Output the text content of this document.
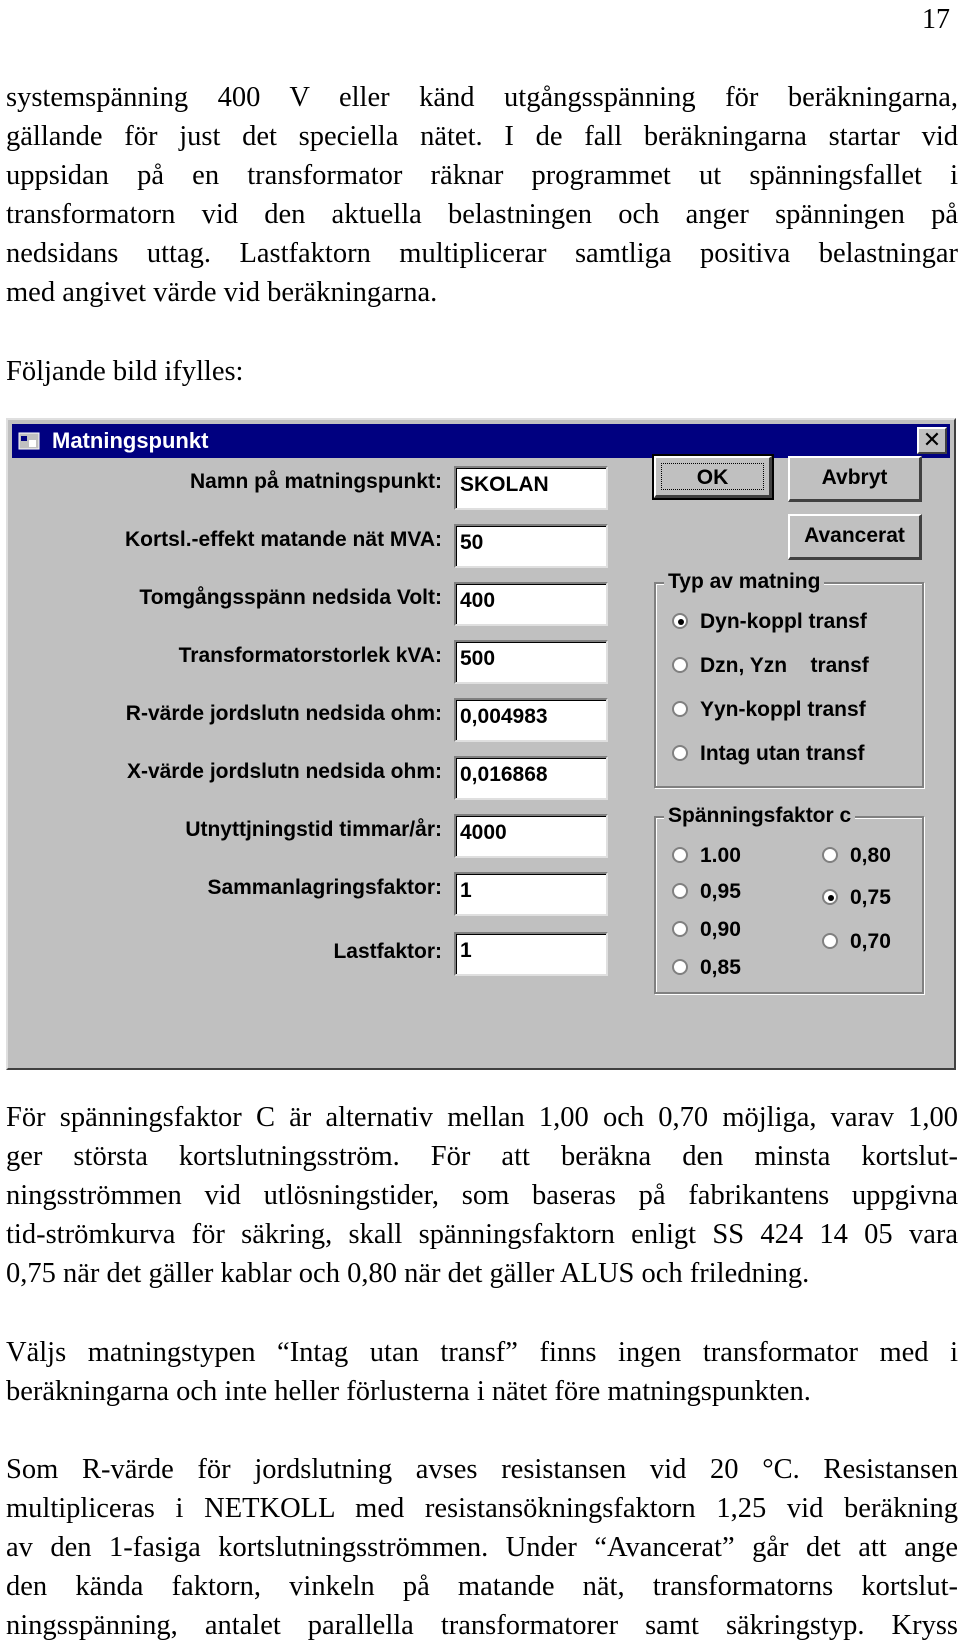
17
systemspänning 400 V eller känd utgångsspänning för beräkningarna,
gällande för just det speciella nätet. I de fall beräkningarna startar vid
uppsidan på en transformator räknar programmet ut spänningsfallet i
transformatorn vid den aktuella belastningen och anger spänningen på
nedsidans uttag. Lastfaktorn multiplicerar samtliga positiva belastningar
med angivet värde vid beräkningarna.
Följande bild ifylles:
Matningspunkt	✕
Namn på matningspunkt:
Kortsl.-effekt matande nät MVA:
Tomgångsspänn nedsida Volt:
Transformatorstorlek kVA:
R-värde jordslutn nedsida ohm:
X-värde jordslutn nedsida ohm:
Utnyttjningstid timmar/år:
Sammanlagringsfaktor:
Lastfaktor:
SKOLAN
50
400
500
0,004983
0,016868
4000
1
1
OK	Avbryt
Avancerat
Typ av matning
Dyn-koppl transf
Dzn, Yzn    transf
Yyn-koppl transf
Intag utan transf
Spänningsfaktor c
1.00
0,95
0,90
0,85
0,80
0,75
0,70
För spänningsfaktor C är alternativ mellan 1,00 och 0,70 möjliga, varav 1,00
ger största kortslutningsström. För att beräkna den minsta kortslut-
ningsströmmen vid utlösningstider, som baseras på fabrikantens uppgivna
tid-strömkurva för säkring, skall spänningsfaktorn enligt SS 424 14 05 vara
0,75 när det gäller kablar och 0,80 när det gäller ALUS och friledning.
Väljs matningstypen “Intag utan transf” finns ingen transformator med i
beräkningarna och inte heller förlusterna i nätet före matningspunkten.
Som R-värde för jordslutning avses resistansen vid 20 °C. Resistansen
multipliceras i NETKOLL med resistansökningsfaktorn 1,25 vid beräkning
av den 1-fasiga kortslutningsströmmen. Under “Avancerat” går det att ange
den kända faktorn, vinkeln på matande nät, transformatorns kortslut-
ningsspänning, antalet parallella transformatorer samt säkringstyp. Kryss
